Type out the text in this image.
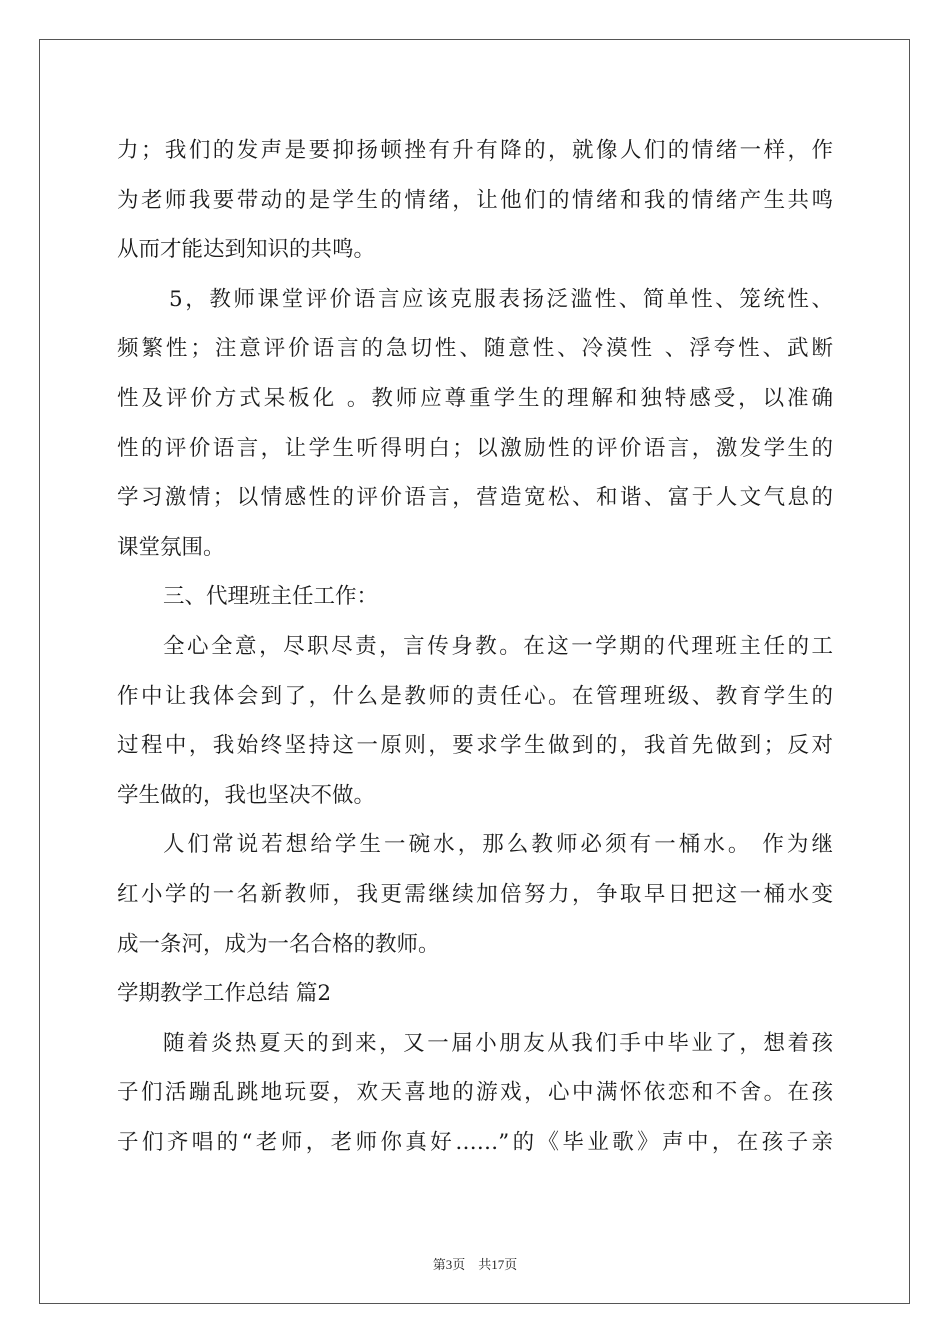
力；我们的发声是要抑扬顿挫有升有降的，就像人们的情绪一样，作
为老师我要带动的是学生的情绪，让他们的情绪和我的情绪产生共鸣
从而才能达到知识的共鸣。
5，教师课堂评价语言应该克服表扬泛滥性、简单性、笼统性、
频繁性；注意评价语言的急切性、随意性、冷漠性 、浮夸性、武断
性及评价方式呆板化 。教师应尊重学生的理解和独特感受，以准确
性的评价语言，让学生听得明白；以激励性的评价语言，激发学生的
学习激情；以情感性的评价语言，营造宽松、和谐、富于人文气息的
课堂氛围。
三、代理班主任工作：
全心全意，尽职尽责，言传身教。在这一学期的代理班主任的工
作中让我体会到了，什么是教师的责任心。在管理班级、教育学生的
过程中，我始终坚持这一原则，要求学生做到的，我首先做到；反对
学生做的，我也坚决不做。
人们常说若想给学生一碗水，那么教师必须有一桶水。 作为继
红小学的一名新教师，我更需继续加倍努力，争取早日把这一桶水变
成一条河，成为一名合格的教师。
学期教学工作总结 篇2
随着炎热夏天的到来，又一届小朋友从我们手中毕业了，想着孩
子们活蹦乱跳地玩耍，欢天喜地的游戏，心中满怀依恋和不舍。在孩
子们齐唱的“老师，老师你真好……”的《毕业歌》声中，在孩子亲
第3页　共17页
